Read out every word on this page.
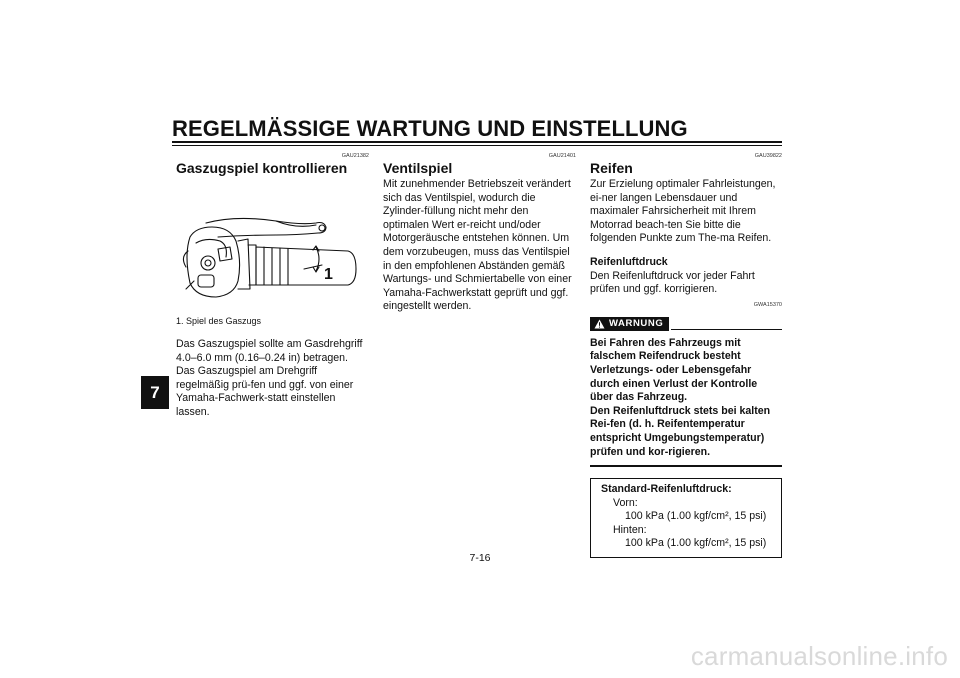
REGELMÄSSIGE WARTUNG UND EINSTELLUNG
7
GAU21382
Gaszugspiel kontrollieren
1
1. Spiel des Gaszugs

Das Gaszugspiel sollte am Gasdrehgriff 4.0–6.0 mm (0.16–0.24 in) betragen. Das Gaszugspiel am Drehgriff regelmäßig prü-fen und ggf. von einer Yamaha-Fachwerk-statt einstellen lassen.

GAU21401
Ventilspiel

Mit zunehmender Betriebszeit verändert sich das Ventilspiel, wodurch die Zylinder-füllung nicht mehr den optimalen Wert er-reicht und/oder Motorgeräusche entstehen können. Um dem vorzubeugen, muss das Ventilspiel in den empfohlenen Abständen gemäß Wartungs- und Schmiertabelle von einer Yamaha-Fachwerkstatt geprüft und ggf. eingestellt werden.

GAU39822
Reifen

Zur Erzielung optimaler Fahrleistungen, ei-ner langen Lebensdauer und maximaler Fahrsicherheit mit Ihrem Motorrad beach-ten Sie bitte die folgenden Punkte zum The-ma Reifen.

Reifenluftdruck

Den Reifenluftdruck vor jeder Fahrt prüfen und ggf. korrigieren.

GWA15370
WARNUNG

Bei Fahren des Fahrzeugs mit falschem Reifendruck besteht Verletzungs- oder Lebensgefahr durch einen Verlust der Kontrolle über das Fahrzeug.

Den Reifenluftdruck stets bei kalten Rei-fen (d. h. Reifentemperatur entspricht Umgebungstemperatur) prüfen und kor-rigieren.

Standard-Reifenluftdruck:
Vorn:
100 kPa (1.00 kgf/cm², 15 psi)
Hinten:
100 kPa (1.00 kgf/cm², 15 psi)
7-16
carmanualsonline.info
